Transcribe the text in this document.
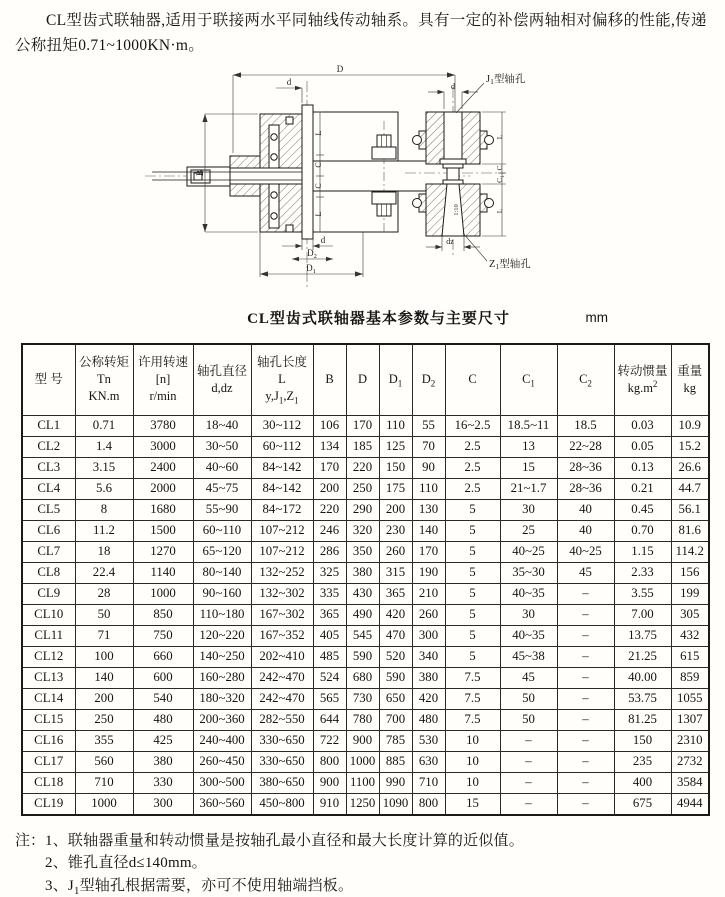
CL型齿式联轴器,适用于联接两水平同轴线传动轴系。具有一定的补偿两轴相对偏移的性能,传递公称扭矩0.71~1000KN·m。

D
d
B
L
C
C
L
d
$D_2$
$D_1$
1:10
$J_1$型轴孔
d
L
C
$C_1$
L
dz
$Z_1$型轴孔
CL型齿式联轴器基本参数与主要尺寸	mm
型 号	公称转矩
Tn
KN.m	许用转速
[n]
r/min	轴孔直径
d,dz	轴孔长度
L
$y,J_1,Z_1$	B	D	$D_1$	$D_2$	C	$C_1$	$C_2$	转动惯量
$kg.m^2$	重量
kg
CL1	0.71	3780	18~40	30~112	106	170	110	55	16~2.5	18.5~11	18.5	0.03	10.9
CL2	1.4	3000	30~50	60~112	134	185	125	70	2.5	13	22~28	0.05	15.2
CL3	3.15	2400	40~60	84~142	170	220	150	90	2.5	15	28~36	0.13	26.6
CL4	5.6	2000	45~75	84~142	200	250	175	110	2.5	21~1.7	28~36	0.21	44.7
CL5	8	1680	55~90	84~172	220	290	200	130	5	30	40	0.45	56.1
CL6	11.2	1500	60~110	107~212	246	320	230	140	5	25	40	0.70	81.6
CL7	18	1270	65~120	107~212	286	350	260	170	5	40~25	40~25	1.15	114.2
CL8	22.4	1140	80~140	132~252	325	380	315	190	5	35~30	45	2.33	156
CL9	28	1000	90~160	132~302	335	430	365	210	5	40~35	–	3.55	199
CL10	50	850	110~180	167~302	365	490	420	260	5	30	–	7.00	305
CL11	71	750	120~220	167~352	405	545	470	300	5	40~35	–	13.75	432
CL12	100	660	140~250	202~410	485	590	520	340	5	45~38	–	21.25	615
CL13	140	600	160~280	242~470	524	680	590	380	7.5	45	–	40.00	859
CL14	200	540	180~320	242~470	565	730	650	420	7.5	50	–	53.75	1055
CL15	250	480	200~360	282~550	644	780	700	480	7.5	50	–	81.25	1307
CL16	355	425	240~400	330~650	722	900	785	530	10	–	–	150	2310
CL17	560	380	260~450	330~650	800	1000	885	630	10	–	–	235	2732
CL18	710	330	300~500	380~650	900	1100	990	710	10	–	–	400	3584
CL19	1000	300	360~560	450~800	910	1250	1090	800	15	–	–	675	4944
注： 1、联轴器重量和转动惯量是按轴孔最小直径和最大长度计算的近似值。
2、锥孔直径d≤140mm。
3、$J_1$型轴孔根据需要，亦可不使用轴端挡板。
